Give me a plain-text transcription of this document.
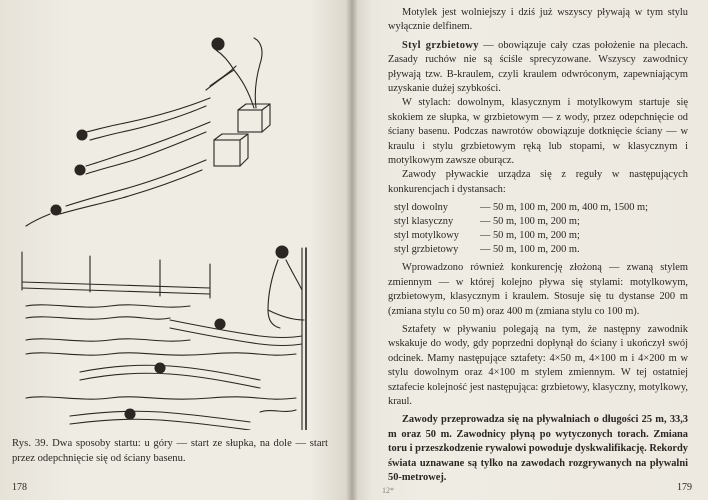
Rys. 39. Dwa sposoby startu: u góry — start ze słupka, na dole — start przez odepchnięcie się od ściany basenu.
178

Motylek jest wolniejszy i dziś już wszyscy pływają w tym stylu wyłącznie delfinem.

Styl grzbietowy — obowiązuje cały czas położenie na plecach. Zasady ruchów nie są ściśle sprecyzowane. Wszyscy zawodnicy pływają tzw. B-kraulem, czyli kraulem odwróconym, zapewniającym uzyskanie dużej szybkości.

W stylach: dowolnym, klasycznym i motylkowym startuje się skokiem ze słupka, w grzbietowym — z wody, przez odepchnięcie od ściany basenu. Podczas nawrotów obowiązuje dotknięcie ściany — w kraulu i stylu grzbietowym ręką lub stopami, w klasycznym i motylkowym zawsze oburącz.

Zawody pływackie urządza się z reguły w następujących konkurencjach i dystansach:

styl dowolny	— 50 m, 100 m, 200 m, 400 m, 1500 m;
styl klasyczny	— 50 m, 100 m, 200 m;
styl motylkowy	— 50 m, 100 m, 200 m;
styl grzbietowy	— 50 m, 100 m, 200 m.

Wprowadzono również konkurencję złożoną — zwaną stylem zmiennym — w której kolejno pływa się stylami: motylkowym, grzbietowym, klasycznym i kraulem. Stosuje się tu dystanse 200 m (zmiana stylu co 50 m) oraz 400 m (zmiana stylu co 100 m).

Sztafety w pływaniu polegają na tym, że następny zawodnik wskakuje do wody, gdy poprzedni dopłynął do ściany i ukończył swój odcinek. Mamy następujące sztafety: 4×50 m, 4×100 m i 4×200 m w stylu dowolnym oraz 4×100 m stylem zmiennym. W tej ostatniej sztafecie kolejność jest następująca: grzbietowy, klasyczny, motylkowy, kraul.

Zawody przeprowadza się na pływalniach o długości 25 m, 33,3 m oraz 50 m. Zawodnicy płyną po wytyczonych torach. Zmiana toru i przeszkodzenie rywalowi powoduje dyskwalifikację. Rekordy świata uznawane są tylko na zawodach rozgrywanych na pływalni 50-metrowej.

12*	179
